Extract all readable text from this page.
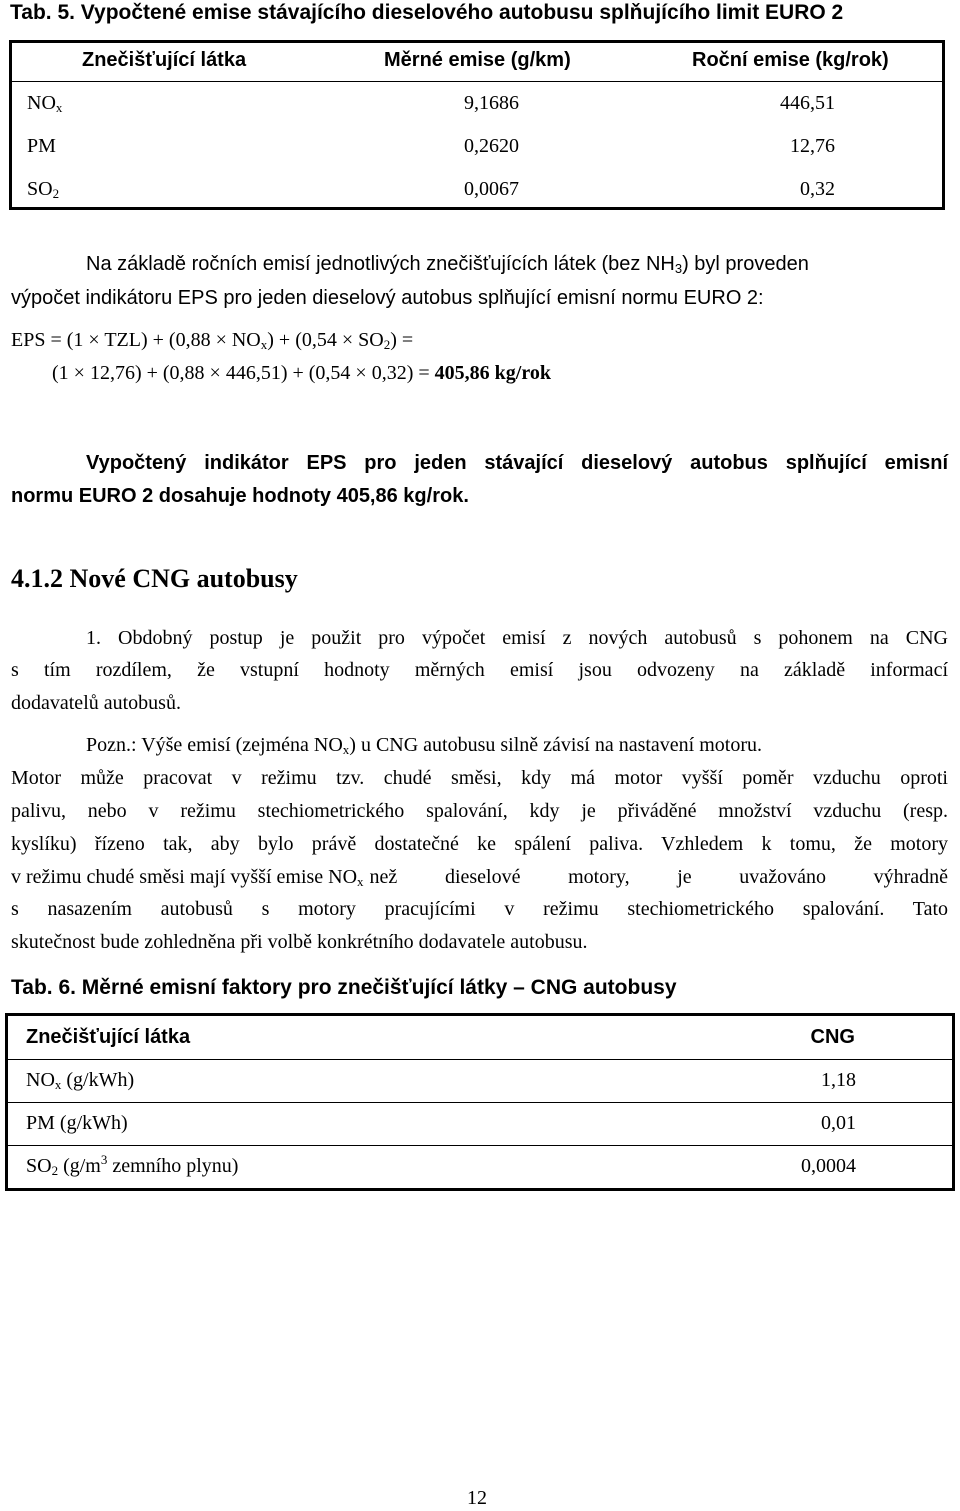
Tab. 5. Vypočtené emise stávajícího dieselového autobusu splňujícího limit EURO 2
Znečišťující látka	Měrné emise (g/km)	Roční emise (kg/rok)
$NO_x$	9,1686	446,51
PM	0,2620	12,76
$SO_2$	0,0067	0,32
Na základě ročních emisí jednotlivých znečišťujících látek (bez $NH_3$) byl proveden
výpočet indikátoru EPS pro jeden dieselový autobus splňující emisní normu EURO 2:
EPS = $(1 \times TZL) + (0,88 \times NO_x) + (0,54 \times SO_2)$ =
(1 × 12,76) + (0,88 × 446,51) + (0,54 × 0,32) = 405,86 kg/rok
Vypočtený indikátor EPS pro jeden stávající dieselový autobus splňující emisní
normu EURO 2 dosahuje hodnoty 405,86 kg/rok.
4.1.2 Nové CNG autobusy
1. Obdobný postup je použit pro výpočet emisí z nových autobusů s pohonem na CNG
s tím rozdílem, že vstupní hodnoty měrných emisí jsou odvozeny na základě informací
dodavatelů autobusů.
Pozn.: Výše emisí (zejména $NO_x$) u CNG autobusu silně závisí na nastavení motoru.
Motor může pracovat v režimu tzv. chudé směsi, kdy má motor vyšší poměr vzduchu oproti
palivu, nebo v režimu stechiometrického spalování, kdy je přiváděné množství vzduchu (resp.
kyslíku) řízeno tak, aby bylo právě dostatečné ke spálení paliva. Vzhledem k tomu, že motory
v režimu chudé směsi mají vyšší emise $NO_x$ než dieselové motory, je uvažováno výhradně
s nasazením autobusů s motory pracujícími v režimu stechiometrického spalování. Tato
skutečnost bude zohledněna při volbě konkrétního dodavatele autobusu.
Tab. 6. Měrné emisní faktory pro znečišťující látky – CNG autobusy
Znečišťující látka	CNG
$NO_x$ (g/kWh)	1,18
PM (g/kWh)	0,01
$SO_2$ ($g/m^3$ zemního plynu)	0,0004
12
